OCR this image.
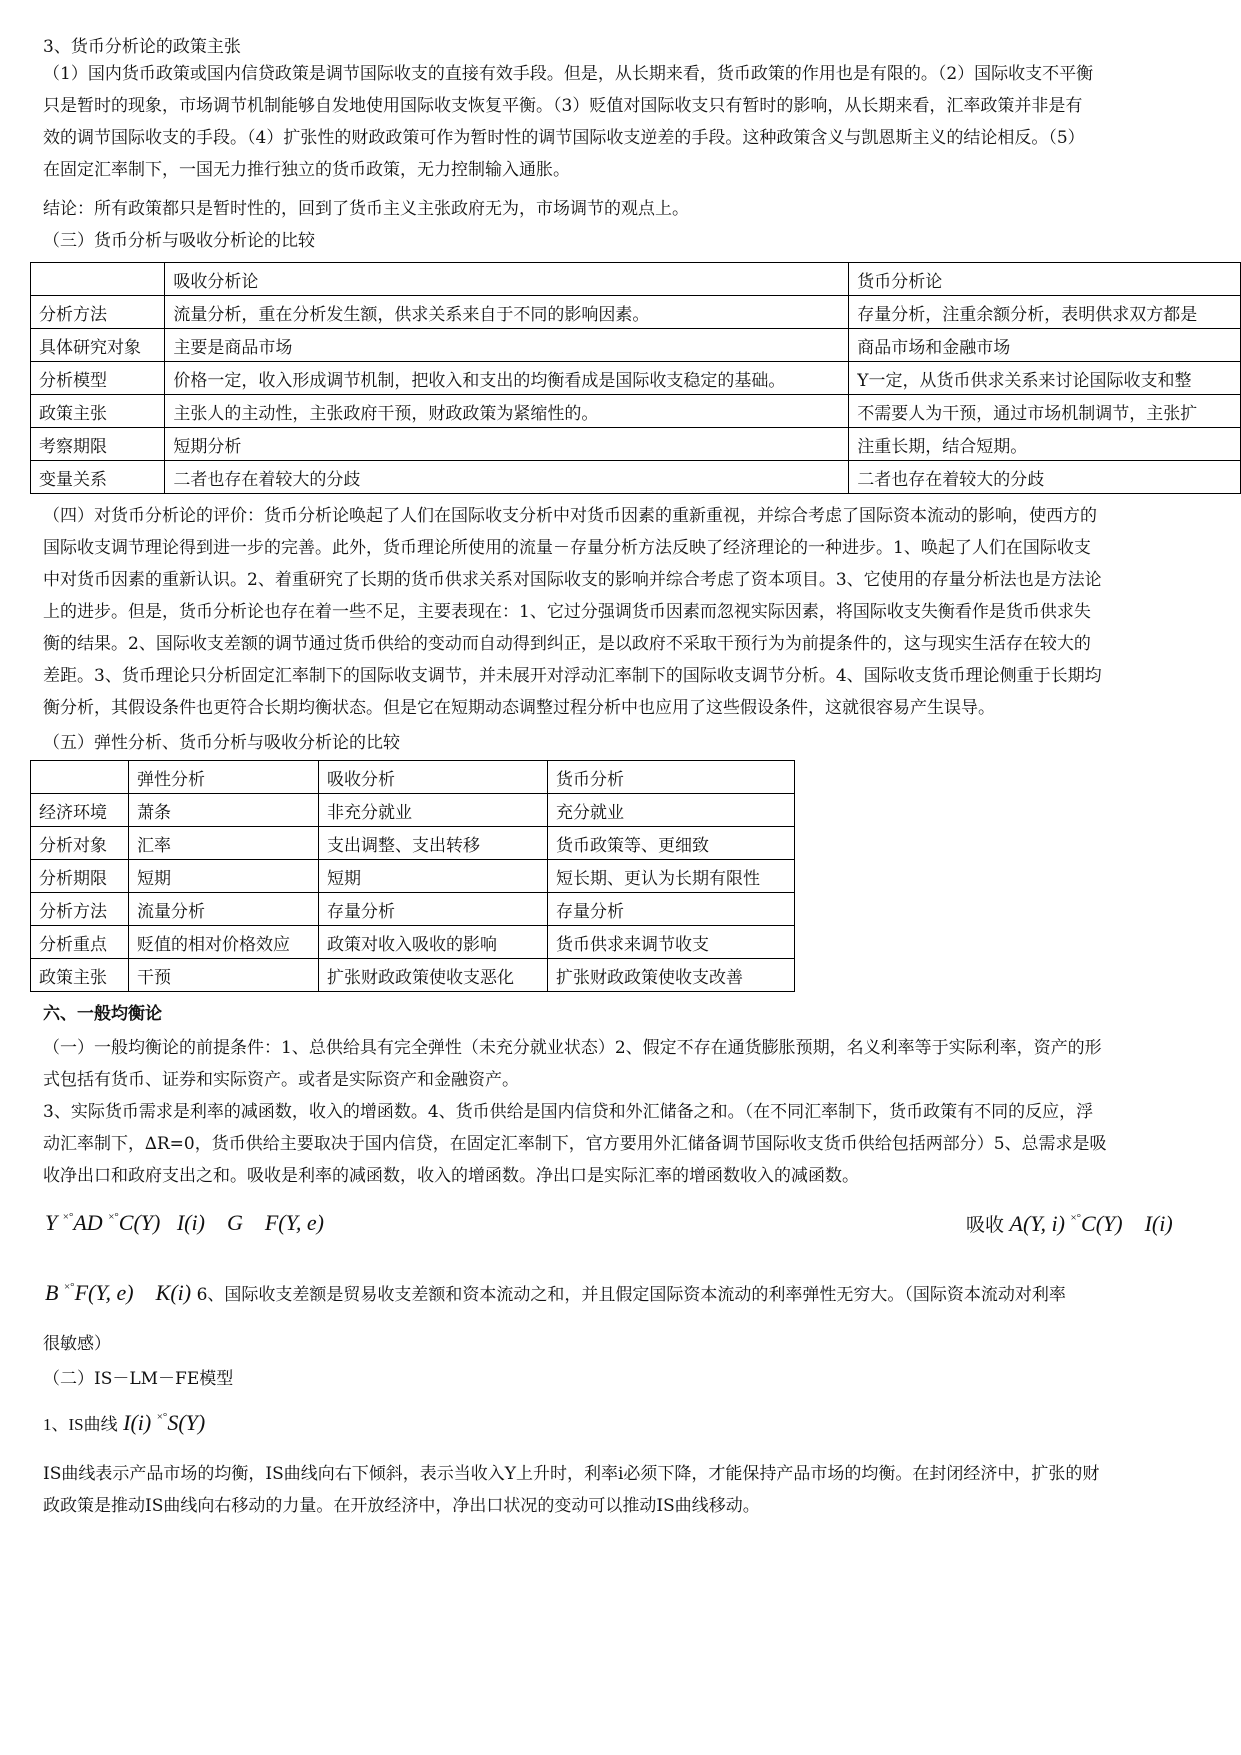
3、货币分析论的政策主张
（1）国内货币政策或国内信贷政策是调节国际收支的直接有效手段。但是，从长期来看，货币政策的作用也是有限的。（2）国际收支不平衡
只是暂时的现象，市场调节机制能够自发地使用国际收支恢复平衡。（3）贬值对国际收支只有暂时的影响，从长期来看，汇率政策并非是有
效的调节国际收支的手段。（4）扩张性的财政政策可作为暂时性的调节国际收支逆差的手段。这种政策含义与凯恩斯主义的结论相反。（5）
在固定汇率制下，一国无力推行独立的货币政策，无力控制输入通胀。
结论：所有政策都只是暂时性的，回到了货币主义主张政府无为，市场调节的观点上。
（三）货币分析与吸收分析论的比较
	吸收分析论	货币分析论
分析方法	流量分析，重在分析发生额，供求关系来自于不同的影响因素。	存量分析，注重余额分析，表明供求双方都是
具体研究对象	主要是商品市场	商品市场和金融市场
分析模型	价格一定，收入形成调节机制，把收入和支出的均衡看成是国际收支稳定的基础。	Y一定，从货币供求关系来讨论国际收支和整
政策主张	主张人的主动性，主张政府干预，财政政策为紧缩性的。	不需要人为干预，通过市场机制调节，主张扩
考察期限	短期分析	注重长期，结合短期。
变量关系	二者也存在着较大的分歧	二者也存在着较大的分歧
（四）对货币分析论的评价：货币分析论唤起了人们在国际收支分析中对货币因素的重新重视，并综合考虑了国际资本流动的影响，使西方的
国际收支调节理论得到进一步的完善。此外，货币理论所使用的流量－存量分析方法反映了经济理论的一种进步。1、唤起了人们在国际收支
中对货币因素的重新认识。2、着重研究了长期的货币供求关系对国际收支的影响并综合考虑了资本项目。3、它使用的存量分析法也是方法论
上的进步。但是，货币分析论也存在着一些不足，主要表现在：1、它过分强调货币因素而忽视实际因素，将国际收支失衡看作是货币供求失
衡的结果。2、国际收支差额的调节通过货币供给的变动而自动得到纠正，是以政府不采取干预行为为前提条件的，这与现实生活存在较大的
差距。3、货币理论只分析固定汇率制下的国际收支调节，并未展开对浮动汇率制下的国际收支调节分析。4、国际收支货币理论侧重于长期均
衡分析，其假设条件也更符合长期均衡状态。但是它在短期动态调整过程分析中也应用了这些假设条件，这就很容易产生误导。
（五）弹性分析、货币分析与吸收分析论的比较
	弹性分析	吸收分析	货币分析
经济环境	萧条	非充分就业	充分就业
分析对象	汇率	支出调整、支出转移	货币政策等、更细致
分析期限	短期	短期	短长期、更认为长期有限性
分析方法	流量分析	存量分析	存量分析
分析重点	贬值的相对价格效应	政策对收入吸收的影响	货币供求来调节收支
政策主张	干预	扩张财政政策使收支恶化	扩张财政政策使收支改善
六、一般均衡论
（一）一般均衡论的前提条件：1、总供给具有完全弹性（未充分就业状态）2、假定不存在通货膨胀预期，名义利率等于实际利率，资产的形
式包括有货币、证券和实际资产。或者是实际资产和金融资产。
3、实际货币需求是利率的减函数，收入的增函数。4、货币供给是国内信贷和外汇储备之和。（在不同汇率制下，货币政策有不同的反应，浮
动汇率制下，∆R=0，货币供给主要取决于国内信贷，在固定汇率制下，官方要用外汇储备调节国际收支货币供给包括两部分）5、总需求是吸
收净出口和政府支出之和。吸收是利率的减函数，收入的增函数。净出口是实际汇率的增函数收入的减函数。
Y ×°AD ×°C(Y) I(i) G F(Y, e)	吸收 A(Y, i) ×°C(Y) I(i)
B ×°F(Y, e) K(i) 6、国际收支差额是贸易收支差额和资本流动之和，并且假定国际资本流动的利率弹性无穷大。（国际资本流动对利率
很敏感）
（二）IS－LM－FE模型
1、IS曲线 I(i) ×°S(Y)
IS曲线表示产品市场的均衡，IS曲线向右下倾斜，表示当收入Y上升时，利率i必须下降，才能保持产品市场的均衡。在封闭经济中，扩张的财
政政策是推动IS曲线向右移动的力量。在开放经济中，净出口状况的变动可以推动IS曲线移动。
